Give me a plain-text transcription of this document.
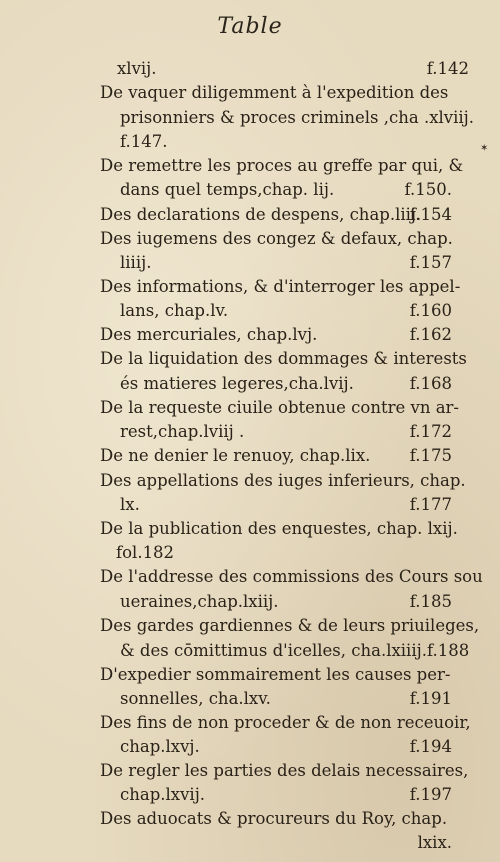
Table
xlvij.	f.142
De vaquer diligemment à l'expedition des
prisonniers & proces criminels ,cha .xlviij.
f.147.
De remettre les proces au greffe par qui, &
dans quel temps,chap. lij.	f.150.
Des declarations de despens, chap.liij.
f.154
Des iugemens des congez & defaux, chap.
liiij.	f.157
Des informations, & d'interroger les appel-
lans, chap.lv.	f.160
Des mercuriales, chap.lvj.	f.162
De la liquidation des dommages & interests
és matieres legeres,cha.lvij.	f.168
De la requeste ciuile obtenue contre vn ar-
rest,chap.lviij .	f.172
De ne denier le renuoy, chap.lix. f.175
Des appellations des iuges inferieurs, chap.
lx.	f.177
De la publication des enquestes, chap. lxij.
fol.182
De l'addresse des commissions des Cours sou
ueraines,chap.lxiij.	f.185
Des gardes gardiennes & de leurs priuileges,
& des cōmittimus d'icelles, cha.lxiiij.f.188
D'expedier sommairement les causes per-
sonnelles, cha.lxv.	f.191
Des fins de non proceder & de non receuoir,
chap.lxvj.	f.194
De regler les parties des delais necessaires,
chap.lxvij.	f.197
Des aduocats & procureurs du Roy, chap.
lxix.
✶
